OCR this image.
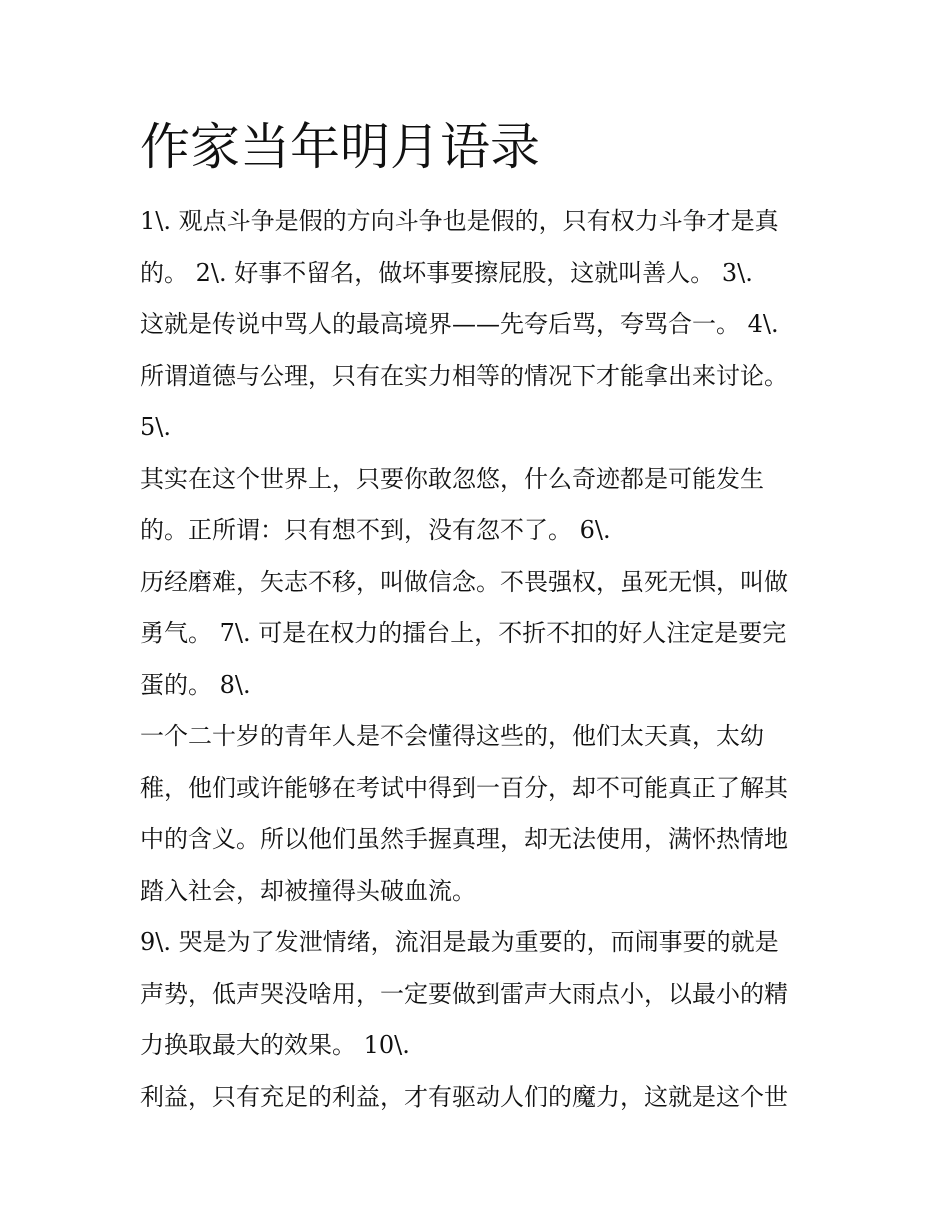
作家当年明月语录
1\. 观点斗争是假的方向斗争也是假的，只有权力斗争才是真
的。 2\. 好事不留名，做坏事要擦屁股，这就叫善人。 3\.
这就是传说中骂人的最高境界——先夸后骂，夸骂合一。 4\.
所谓道德与公理，只有在实力相等的情况下才能拿出来讨论。
5\.
其实在这个世界上，只要你敢忽悠，什么奇迹都是可能发生
的。正所谓：只有想不到，没有忽不了。 6\.
历经磨难，矢志不移，叫做信念。不畏强权，虽死无惧，叫做
勇气。 7\. 可是在权力的擂台上，不折不扣的好人注定是要完
蛋的。 8\.
一个二十岁的青年人是不会懂得这些的，他们太天真，太幼
稚，他们或许能够在考试中得到一百分，却不可能真正了解其
中的含义。所以他们虽然手握真理，却无法使用，满怀热情地
踏入社会，却被撞得头破血流。
9\. 哭是为了发泄情绪，流泪是最为重要的，而闹事要的就是
声势，低声哭没啥用，一定要做到雷声大雨点小，以最小的精
力换取最大的效果。 10\.
利益，只有充足的利益，才有驱动人们的魔力，这就是这个世
